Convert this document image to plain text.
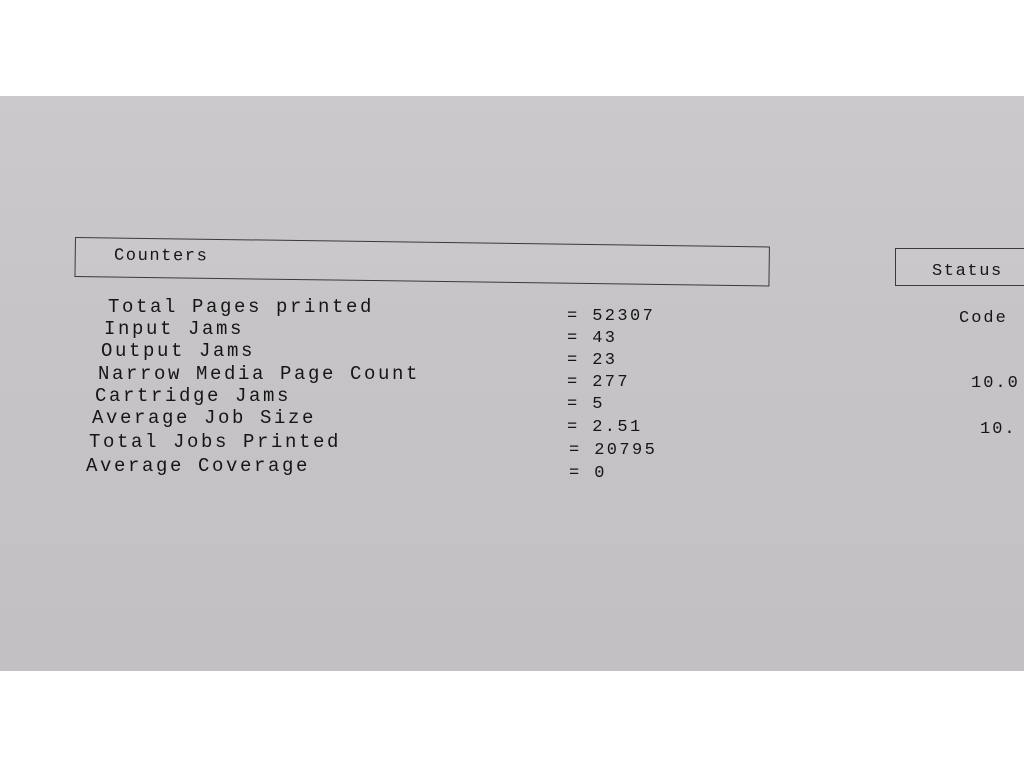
Counters
Status
Total Pages printed
Input Jams
Output Jams
Narrow Media Page Count
Cartridge Jams
Average Job Size
Total Jobs Printed
Average Coverage
= 52307
= 43
= 23
= 277
= 5
= 2.51
= 20795
= 0
Code
10.0
10.
